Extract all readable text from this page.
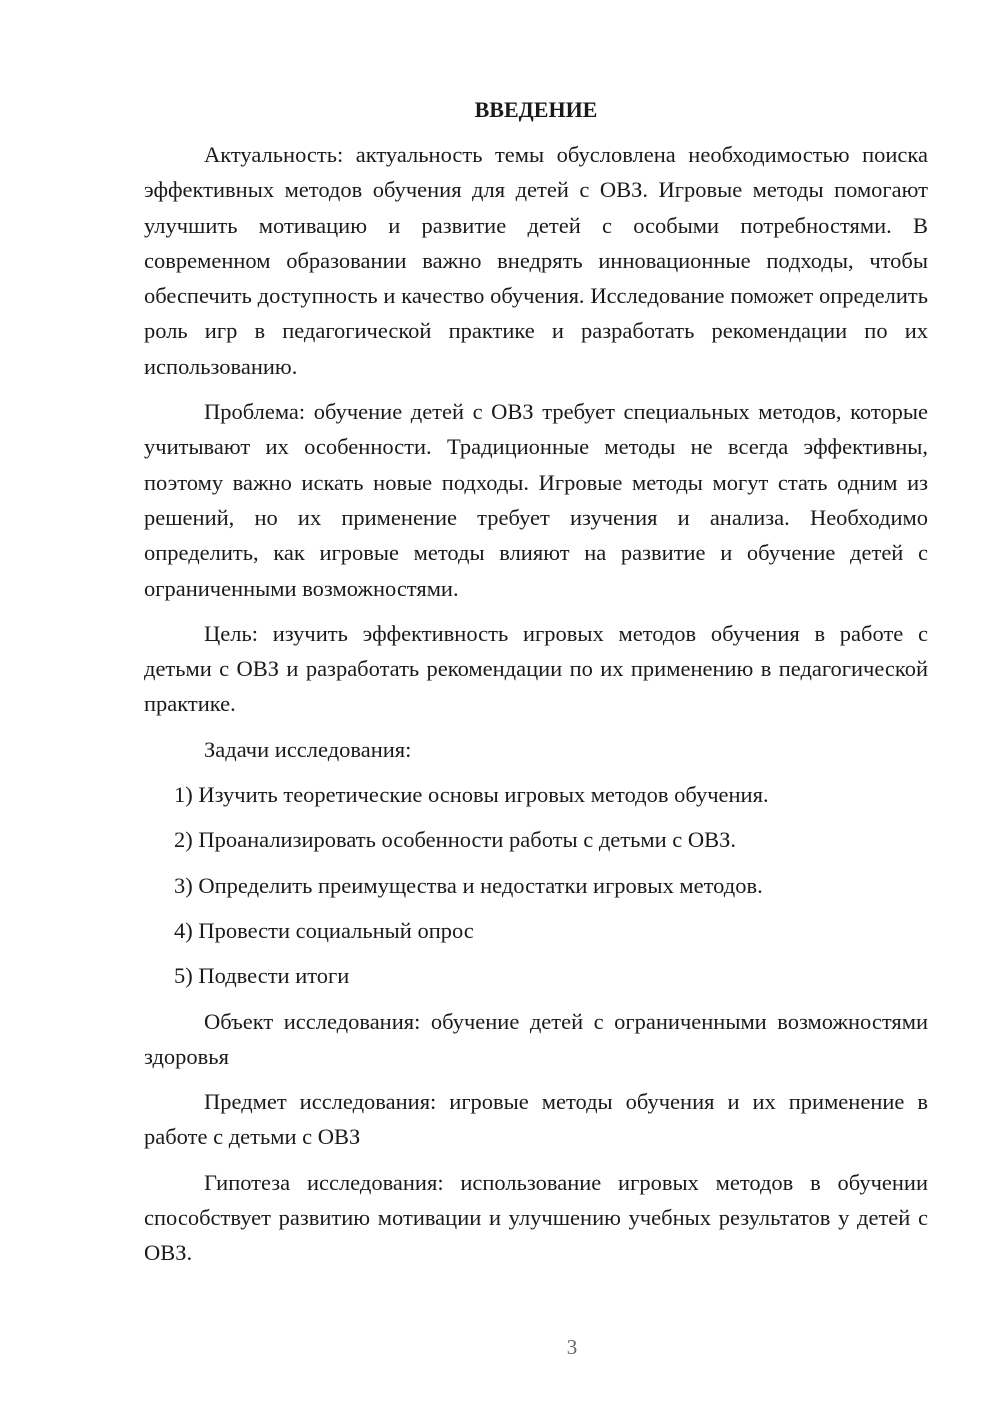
ВВЕДЕНИЕ

Актуальность: актуальность темы обусловлена необходимостью поиска эффективных методов обучения для детей с ОВЗ. Игровые методы помогают улучшить мотивацию и развитие детей с особыми потребностями. В современном образовании важно внедрять инновационные подходы, чтобы обеспечить доступность и качество обучения. Исследование поможет определить роль игр в педагогической практике и разработать рекомендации по их использованию.

Проблема: обучение детей с ОВЗ требует специальных методов, которые учитывают их особенности. Традиционные методы не всегда эффективны, поэтому важно искать новые подходы. Игровые методы могут стать одним из решений, но их применение требует изучения и анализа. Необходимо определить, как игровые методы влияют на развитие и обучение детей с ограниченными возможностями.

Цель: изучить эффективность игровых методов обучения в работе с детьми с ОВЗ и разработать рекомендации по их применению в педагогической практике.

Задачи исследования:

1) Изучить теоретические основы игровых методов обучения.
2) Проанализировать особенности работы с детьми с ОВЗ.
3) Определить преимущества и недостатки игровых методов.
4) Провести социальный опрос
5) Подвести итоги

Объект исследования: обучение детей с ограниченными возможностями здоровья

Предмет исследования: игровые методы обучения и их применение в работе с детьми с ОВЗ

Гипотеза исследования: использование игровых методов в обучении способствует развитию мотивации и улучшению учебных результатов у детей с ОВЗ.

3
